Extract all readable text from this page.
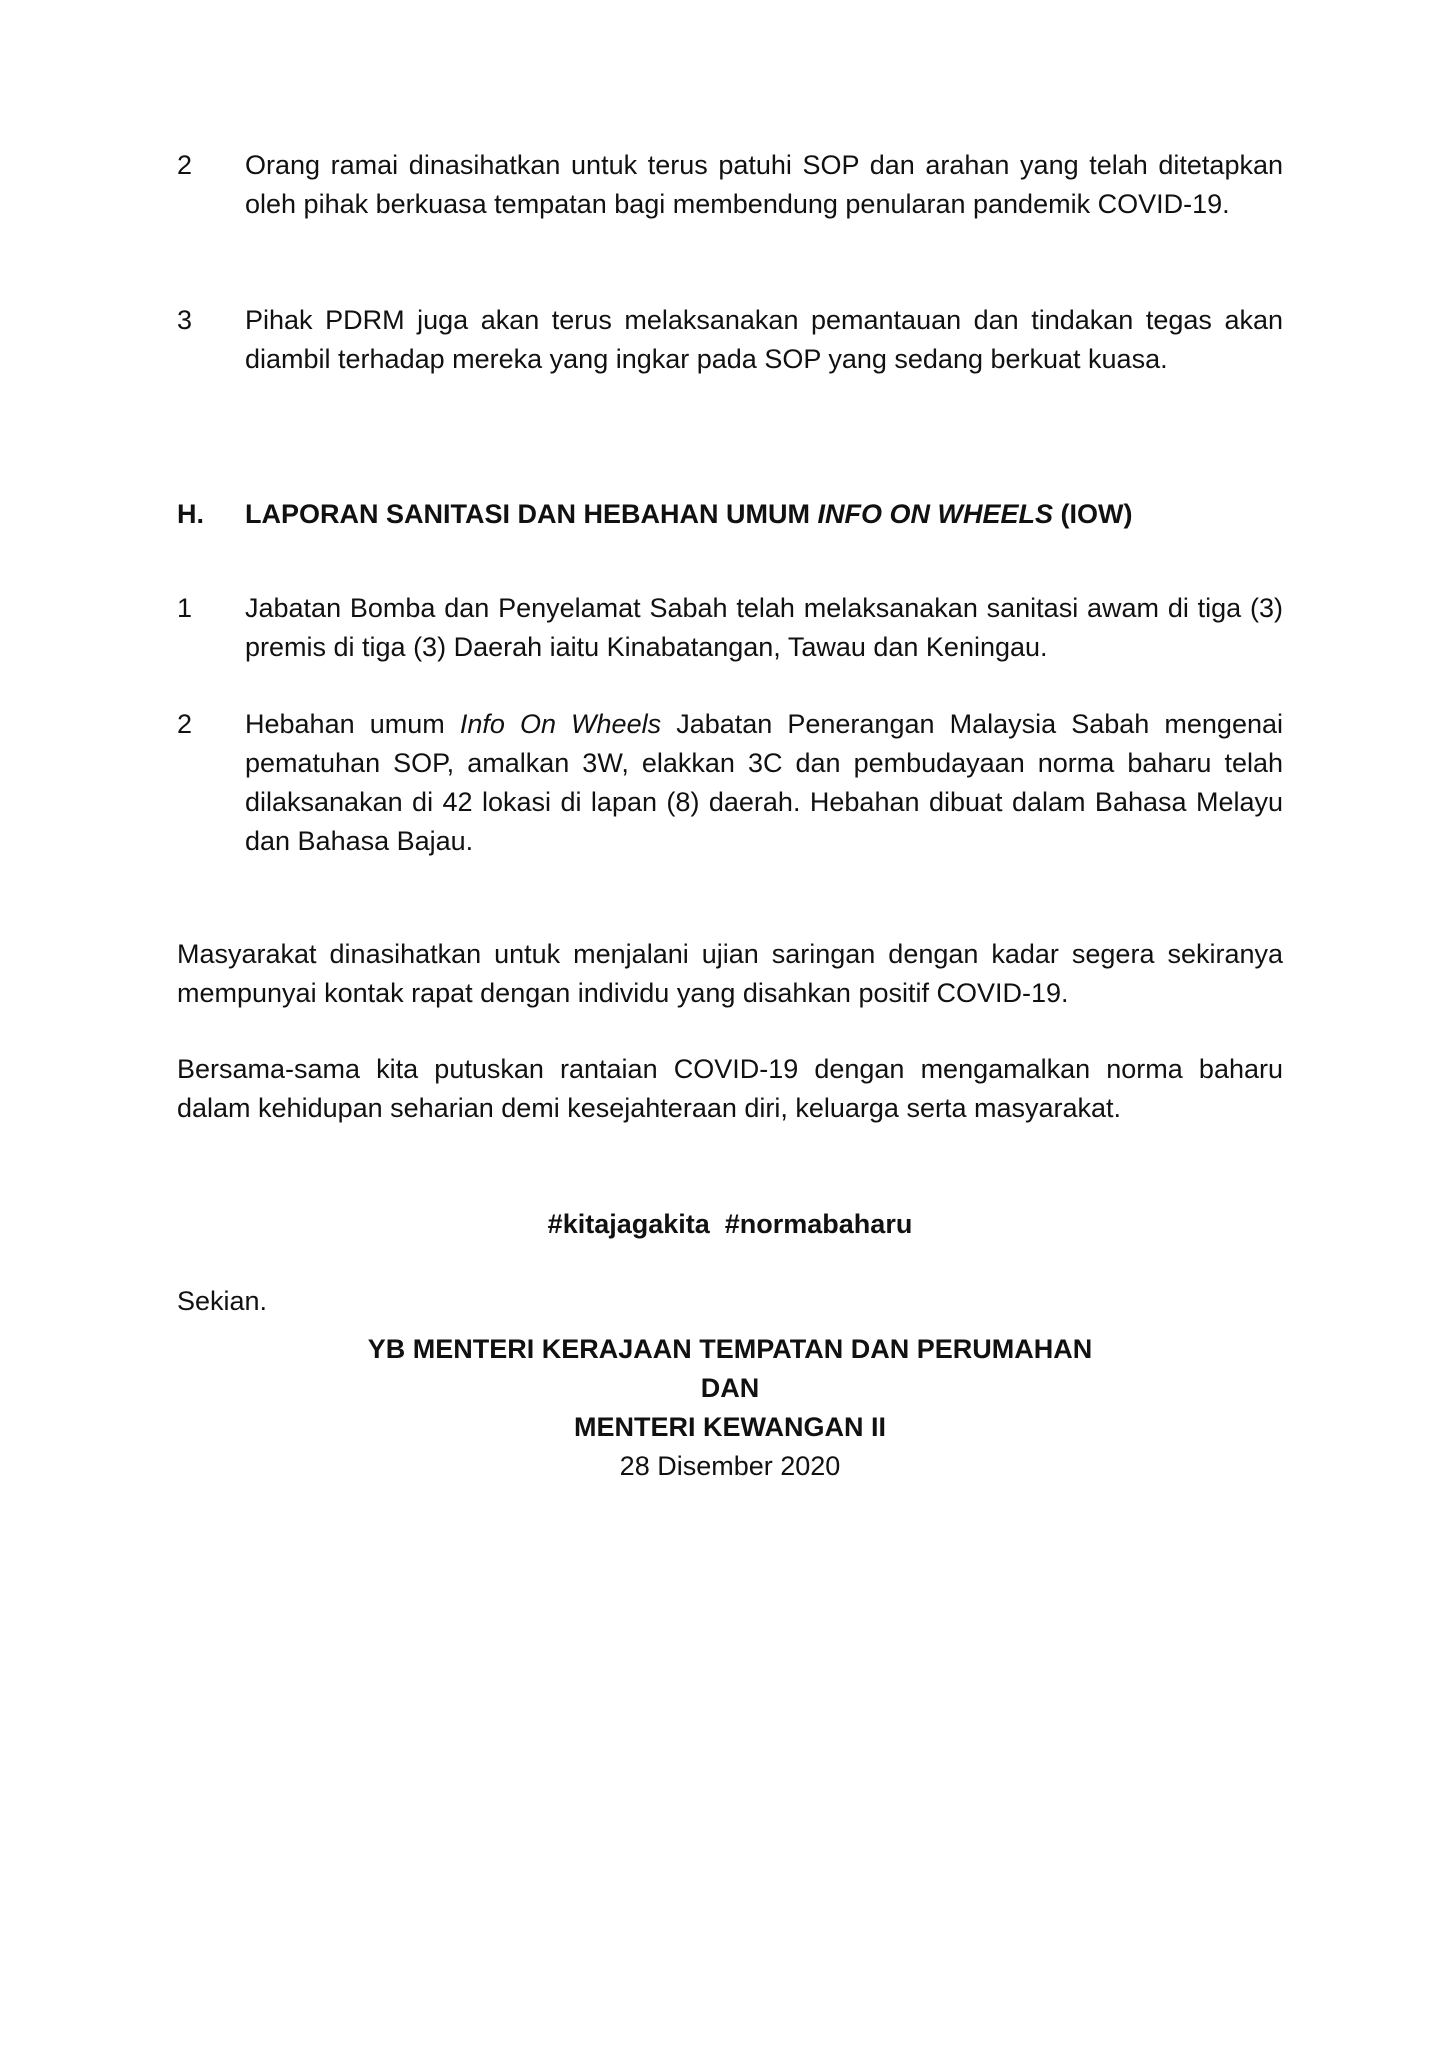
2 Orang ramai dinasihatkan untuk terus patuhi SOP dan arahan yang telah ditetapkan oleh pihak berkuasa tempatan bagi membendung penularan pandemik COVID-19.
3 Pihak PDRM juga akan terus melaksanakan pemantauan dan tindakan tegas akan diambil terhadap mereka yang ingkar pada SOP yang sedang berkuat kuasa.
H. LAPORAN SANITASI DAN HEBAHAN UMUM INFO ON WHEELS (IOW)
1 Jabatan Bomba dan Penyelamat Sabah telah melaksanakan sanitasi awam di tiga (3) premis di tiga (3) Daerah iaitu Kinabatangan, Tawau dan Keningau.
2 Hebahan umum Info On Wheels Jabatan Penerangan Malaysia Sabah mengenai pematuhan SOP, amalkan 3W, elakkan 3C dan pembudayaan norma baharu telah dilaksanakan di 42 lokasi di lapan (8) daerah. Hebahan dibuat dalam Bahasa Melayu dan Bahasa Bajau.
Masyarakat dinasihatkan untuk menjalani ujian saringan dengan kadar segera sekiranya mempunyai kontak rapat dengan individu yang disahkan positif COVID-19.
Bersama-sama kita putuskan rantaian COVID-19 dengan mengamalkan norma baharu dalam kehidupan seharian demi kesejahteraan diri, keluarga serta masyarakat.
#kitajagakita  #normabaharu
Sekian.
YB MENTERI KERAJAAN TEMPATAN DAN PERUMAHAN
DAN
MENTERI KEWANGAN II
28 Disember 2020
